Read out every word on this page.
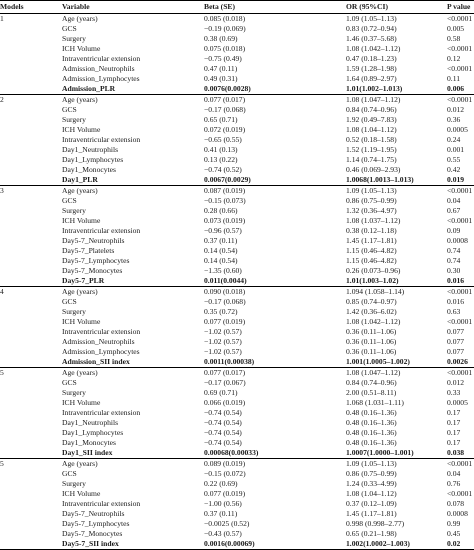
Models	Variable	Beta (SE)	OR (95%CI)	P value
1	Age (years)	0.085 (0.018)	1.09 (1.05–1.13)	<0.0001
	GCS	−0.19 (0.069)	0.83 (0.72–0.94)	0.005
	Surgery	0.38 (0.69)	1.46 (0.37–5.68)	0.58
	ICH Volume	0.075 (0.018)	1.08 (1.042–1.12)	<0.0001
	Intraventricular extension	−0.75 (0.49)	0.47 (0.18–1.23)	0.12
	Admission_Neutrophils	0.47 (0.11)	1.59 (1.28–1.98)	<0.0001
	Admission_Lymphocytes	0.49 (0.31)	1.64 (0.89–2.97)	0.11
	Admission_PLR	0.0076(0.0028)	1.01(1.002–1.013)	0.006
2	Age (years)	0.077 (0.017)	1.08 (1.047–1.12)	<0.0001
	GCS	−0.17 (0.068)	0.84 (0.74–0.96)	0.012
	Surgery	0.65 (0.71)	1.92 (0.49–7.83)	0.36
	ICH Volume	0.072 (0.019)	1.08 (1.04–1.12)	0.0005
	Intraventricular extension	−0.65 (0.55)	0.52 (0.18–1.58)	0.24
	Day1_Neutrophils	0.41 (0.13)	1.52 (1.19–1.95)	0.001
	Day1_Lymphocytes	0.13 (0.22)	1.14 (0.74–1.75)	0.55
	Day1_Monocytes	−0.74 (0.52)	0.46 (0.069–2.93)	0.42
	Day1_PLR	0.0067(0.0029)	1.0068(1.0013–1.013)	0.019
3	Age (years)	0.087 (0.019)	1.09 (1.05–1.13)	<0.0001
	GCS	−0.15 (0.073)	0.86 (0.75–0.99)	0.04
	Surgery	0.28 (0.66)	1.32 (0.36–4.97)	0.67
	ICH Volume	0.073 (0.019)	1.08 (1.037–1.12)	<0.0001
	Intraventricular extension	−0.96 (0.57)	0.38 (0.12–1.18)	0.09
	Day5-7_Neutrophils	0.37 (0.11)	1.45 (1.17–1.81)	0.0008
	Day5-7_Platelets	0.14 (0.54)	1.15 (0.46–4.82)	0.74
	Day5-7_Lymphocytes	0.14 (0.54)	1.15 (0.46–4.82)	0.74
	Day5-7_Monocytes	−1.35 (0.60)	0.26 (0.073–0.96)	0.30
	Day5-7_PLR	0.011(0.0044)	1.01(1.003–1.02)	0.016
4	Age (years)	0.090 (0.018)	1.094 (1.058–1.14)	<0.0001
	GCS	−0.17 (0.068)	0.85 (0.74–0.97)	0.016
	Surgery	0.35 (0.72)	1.42 (0.36–6.02)	0.63
	ICH Volume	0.077 (0.019)	1.08 (1.042–1.12)	<0.0001
	Intraventricular extension	−1.02 (0.57)	0.36 (0.11–1.06)	0.077
	Admission_Neutrophils	−1.02 (0.57)	0.36 (0.11–1.06)	0.077
	Admission_Lymphocytes	−1.02 (0.57)	0.36 (0.11–1.06)	0.077
	Admission_SII index	0.0011(0.00038)	1.001(1.0005–1.002)	0.0026
5	Age (years)	0.077 (0.017)	1.08 (1.047–1.12)	<0.0001
	GCS	−0.17 (0.067)	0.84 (0.74–0.96)	0.012
	Surgery	0.69 (0.71)	2.00 (0.51–8.11)	0.33
	ICH Volume	0.066 (0.019)	1.068 (1.031–1.11)	0.0005
	Intraventricular extension	−0.74 (0.54)	0.48 (0.16–1.36)	0.17
	Day1_Neutrophils	−0.74 (0.54)	0.48 (0.16–1.36)	0.17
	Day1_Lymphocytes	−0.74 (0.54)	0.48 (0.16–1.36)	0.17
	Day1_Monocytes	−0.74 (0.54)	0.48 (0.16–1.36)	0.17
	Day1_SII index	0.00068(0.00033)	1.0007(1.0000–1.001)	0.038
5	Age (years)	0.089 (0.019)	1.09 (1.05–1.13)	<0.0001
	GCS	−0.15 (0.072)	0.86 (0.75–0.99)	0.04
	Surgery	0.22 (0.69)	1.24 (0.33–4.99)	0.76
	ICH Volume	0.077 (0.019)	1.08 (1.04–1.12)	<0.0001
	Intraventricular extension	−1.00 (0.56)	0.37 (0.12–1.09)	0.078
	Day5-7_Neutrophils	0.37 (0.11)	1.45 (1.17–1.81)	0.0008
	Day5-7_Lymphocytes	−0.0025 (0.52)	0.998 (0.998–2.77)	0.99
	Day5-7_Monocytes	−0.43 (0.57)	0.65 (0.21–1.98)	0.45
	Day5-7_SII index	0.0016(0.00069)	1.002(1.0002–1.003)	0.02
